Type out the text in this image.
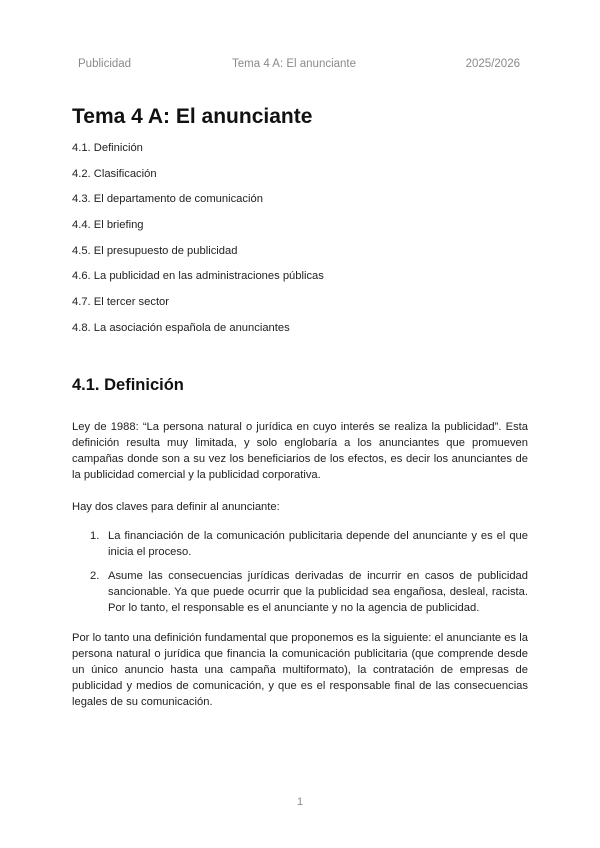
Publicidad	Tema 4 A: El anunciante	2025/2026
Tema 4 A: El anunciante
4.1. Definición
4.2. Clasificación
4.3. El departamento de comunicación
4.4. El briefing
4.5. El presupuesto de publicidad
4.6. La publicidad en las administraciones públicas
4.7. El tercer sector
4.8. La asociación española de anunciantes
4.1. Definición

Ley de 1988: “La persona natural o jurídica en cuyo interés se realiza la publicidad”. Esta definición resulta muy limitada, y solo englobaría a los anunciantes que promueven campañas donde son a su vez los beneficiarios de los efectos, es decir los anunciantes de la publicidad comercial y la publicidad corporativa.

Hay dos claves para definir al anunciante:

1. La financiación de la comunicación publicitaria depende del anunciante y es el que inicia el proceso.
2. Asume las consecuencias jurídicas derivadas de incurrir en casos de publicidad sancionable. Ya que puede ocurrir que la publicidad sea engañosa, desleal, racista. Por lo tanto, el responsable es el anunciante y no la agencia de publicidad.

Por lo tanto una definición fundamental que proponemos es la siguiente: el anunciante es la persona natural o jurídica que financia la comunicación publicitaria (que comprende desde un único anuncio hasta una campaña multiformato), la contratación de empresas de publicidad y medios de comunicación, y que es el responsable final de las consecuencias legales de su comunicación.

1
